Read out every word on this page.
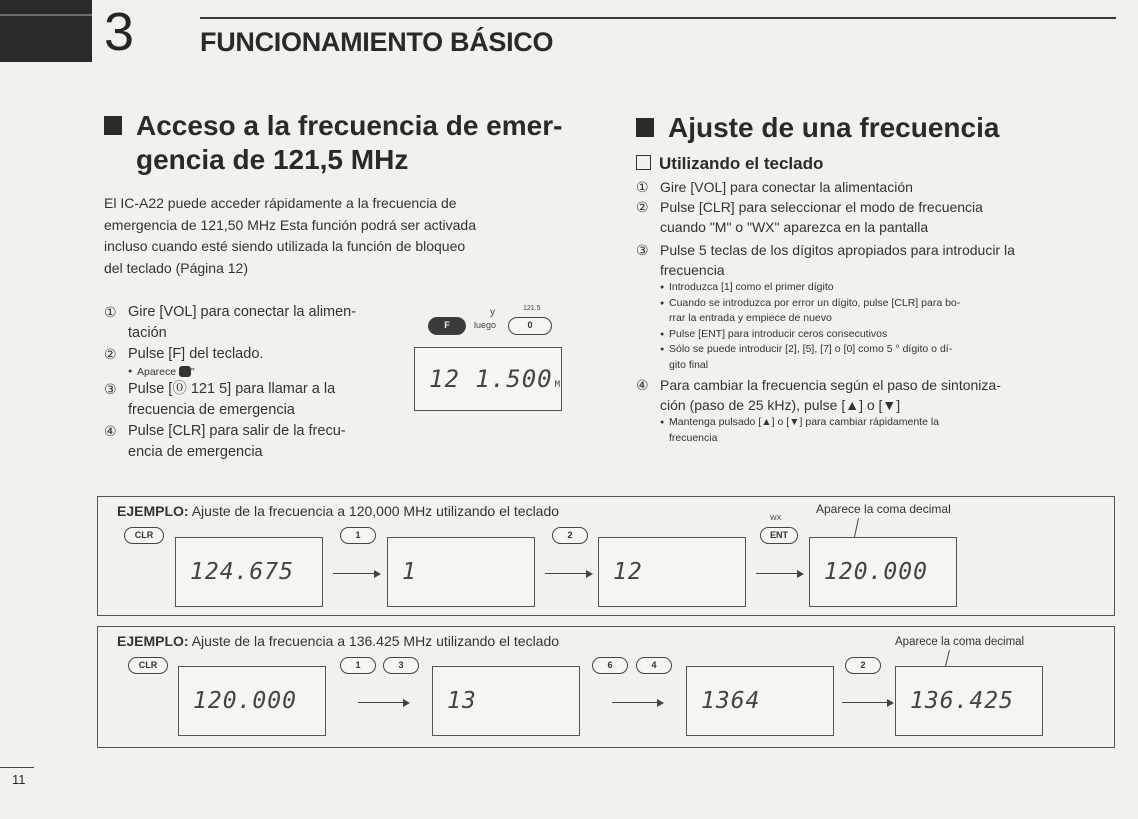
3 FUNCIONAMIENTO BÁSICO
Acceso a la frecuencia de emer-
gencia de 121,5 MHz
El IC-A22 puede acceder rápidamente a la frecuencia de
emergencia de 121,50 MHz Esta función podrá ser activada
incluso cuando esté siendo utilizada la función de bloqueo
del teclado (Página 12)
① Gire [VOL] para conectar la alimen-
tación
② Pulse [F] del teclado.
● Aparece "
③ Pulse [⓪ 121 5] para llamar a la
frecuencia de emergencia
④ Pulse [CLR] para salir de la frecu-
encia de emergencia
y	121.5
F	luego	0
12 1.500 M
Ajuste de una frecuencia
Utilizando el teclado
① Gire [VOL] para conectar la alimentación
② Pulse [CLR] para seleccionar el modo de frecuencia
cuando "M" o "WX" aparezca en la pantalla
③ Pulse 5 teclas de los dígitos apropiados para introducir la
frecuencia
● Introduzca [1] como el primer dígito
● Cuando se introduzca por error un dígito, pulse [CLR] para bo-
rrar la entrada y empiece de nuevo
● Pulse [ENT] para introducir ceros consecutivos
● Sólo se puede introducir [2], [5], [7] o [0] como 5 ° dígito o dí-
gito final
④ Para cambiar la frecuencia según el paso de sintoniza-
ción (paso de 25 kHz), pulse [▲] o [▼]
● Mantenga pulsado [▲] o [▼] para cambiar rápidamente la
frecuencia
EJEMPLO: Ajuste de la frecuencia a 120,000 MHz utilizando el teclado	Aparece la coma decimal
CLR	1	2
WX
ENT
124.675	1	12	120.000
EJEMPLO: Ajuste de la frecuencia a 136.425 MHz utilizando el teclado	Aparece la coma decimal
CLR	1	3	6	4	2
120.000	13	1364	136.425
11
